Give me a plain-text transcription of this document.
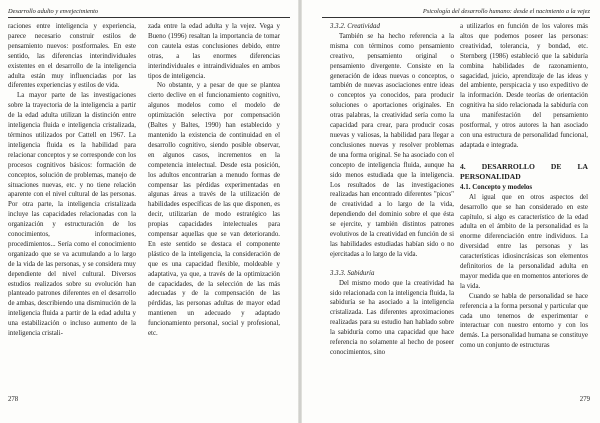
Desarrollo adulto y envejecimiento

raciones entre inteligencia y experiencia, parece necesario construir estilos de pensamiento nuevos: postformales. En este sentido, las diferencias interindividuales existentes en el desarrollo de la inteligencia adulta están muy influenciadas por las diferentes experiencias y estilos de vida.

La mayor parte de las investigaciones sobre la trayectoria de la inteligencia a partir de la edad adulta utilizan la distinción entre inteligencia fluida e inteligencia cristalizada, términos utilizados por Cattell en 1967. La inteligencia fluida es la habilidad para relacionar conceptos y se corresponde con los procesos cognitivos básicos: formación de conceptos, solución de problemas, manejo de situaciones nuevas, etc. y no tiene relación aparente con el nivel cultural de las personas. Por otra parte, la inteligencia cristalizada incluye las capacidades relacionadas con la organización y estructuración de los conocimientos, informaciones, procedimientos... Sería como el conocimiento organizado que se va acumulando a lo largo de la vida de las personas, y se considera muy dependiente del nivel cultural. Diversos estudios realizados sobre su evolución han planteado patrones diferentes en el desarrollo de ambas, describiendo una disminución de la inteligencia fluida a partir de la edad adulta y una estabilización o incluso aumento de la inteligencia cristali-

zada entre la edad adulta y la vejez. Vega y Bueno (1996) resaltan la importancia de tomar con cautela estas conclusiones debido, entre otras, a las enormes diferencias interindividuales e intraindividuales en ambos tipos de inteligencia.

No obstante, y a pesar de que se plantea cierto declive en el funcionamiento cognitivo, algunos modelos como el modelo de optimización selectiva por compensación (Baltes y Baltes, 1990) han establecido y mantenido la existencia de continuidad en el desarrollo cognitivo, siendo posible observar, en algunos casos, incrementos en la competencia intelectual. Desde esta posición, los adultos encontrarían a menudo formas de compensar las pérdidas experimentadas en algunas áreas a través de la utilización de habilidades específicas de las que disponen, es decir, utilizarían de modo estratégico las propias capacidades intelectuales para compensar aquellas que se van deteriorando. En este sentido se destaca el componente plástico de la inteligencia, la consideración de que es una capacidad flexible, moldeable y adaptativa, ya que, a través de la optimización de capacidades, de la selección de las más adecuadas y de la compensación de las pérdidas, las personas adultas de mayor edad mantienen un adecuado y adaptado funcionamiento personal, social y profesional, etc.

278
Psicología del desarrollo humano: desde el nacimiento a la vejez
3.3.2. Creatividad

También se ha hecho referencia a la misma con términos como pensamiento creativo, pensamiento original o pensamiento divergente. Consiste en la generación de ideas nuevas o conceptos, o también de nuevas asociaciones entre ideas o conceptos ya conocidos, para producir soluciones o aportaciones originales. En otras palabras, la creatividad sería como la capacidad para crear, para producir cosas nuevas y valiosas, la habilidad para llegar a conclusiones nuevas y resolver problemas de una forma original. Se ha asociado con el concepto de inteligencia fluida, aunque ha sido menos estudiada que la inteligencia. Los resultados de las investigaciones realizadas han encontrado diferentes "picos" de creatividad a lo largo de la vida, dependiendo del dominio sobre el que ésta se ejercite, y también distintos patrones evolutivos de la creatividad en función de si las habilidades estudiadas habían sido o no ejercitadas a lo largo de la vida.

3.3.3. Sabiduría

Del mismo modo que la creatividad ha sido relacionada con la inteligencia fluida, la sabiduría se ha asociado a la inteligencia cristalizada. Las diferentes aproximaciones realizadas para su estudio han hablado sobre la sabiduría como una capacidad que hace referencia no solamente al hecho de poseer conocimientos, sino

a utilizarlos en función de los valores más altos que podemos poseer las personas: creatividad, tolerancia, y bondad, etc. Sternberg (1986) estableció que la sabiduría combina habilidades de razonamiento, sagacidad, juicio, aprendizaje de las ideas y del ambiente, perspicacia y uso expeditivo de la información. Desde teorías de orientación cognitiva ha sido relacionada la sabiduría con una manifestación del pensamiento postformal, y otros autores la han asociado con una estructura de personalidad funcional, adaptada e integrada.

4. DESARROLLO DE LA PERSONALIDAD
4.1. Concepto y modelos

Al igual que en otros aspectos del desarrollo que se han considerado en este capítulo, si algo es característico de la edad adulta en el ámbito de la personalidad es la enorme diferenciación entre individuos. La diversidad entre las personas y las características idiosincrásicas son elementos definitorios de la personalidad adulta en mayor medida que en momentos anteriores de la vida.

Cuando se habla de personalidad se hace referencia a la forma personal y particular que cada uno tenemos de experimentar e interactuar con nuestro entorno y con los demás. La personalidad humana se constituye como un conjunto de estructuras

279
